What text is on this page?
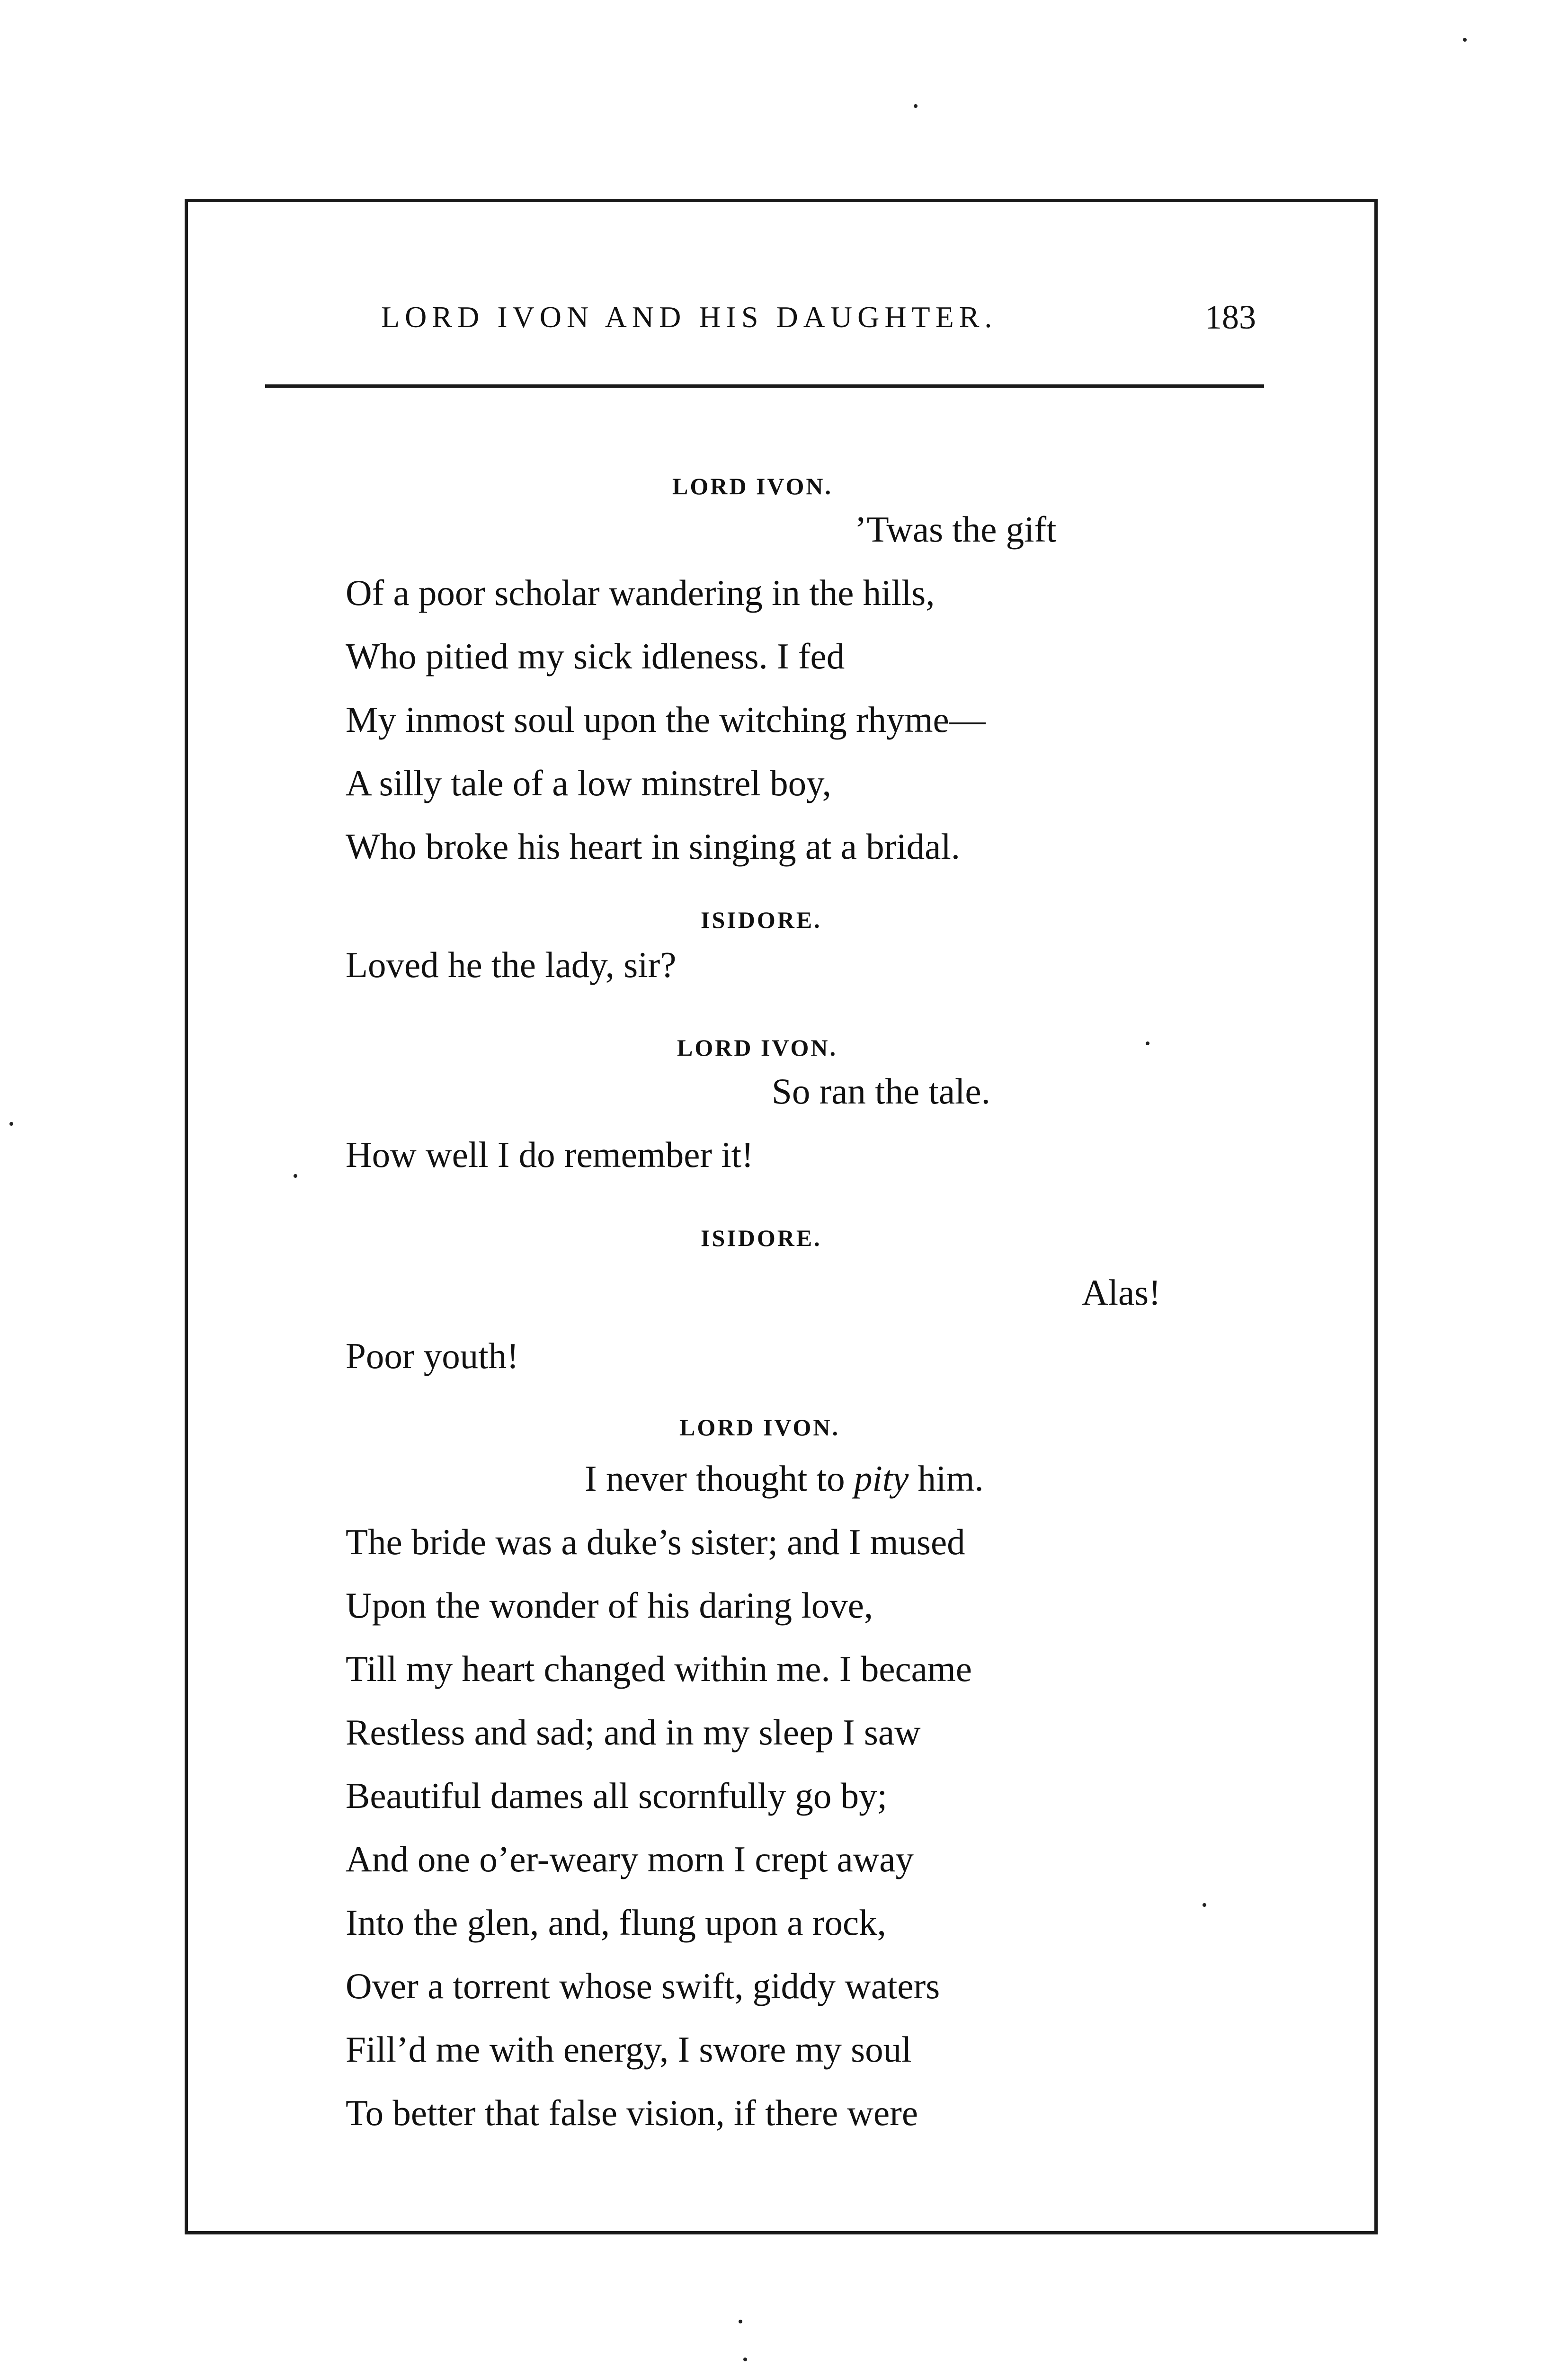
LORD IVON AND HIS DAUGHTER.	183
LORD IVON.
’Twas the gift
Of a poor scholar wandering in the hills,
Who pitied my sick idleness. I fed
My inmost soul upon the witching rhyme—
A silly tale of a low minstrel boy,
Who broke his heart in singing at a bridal.
ISIDORE.
Loved he the lady, sir?
LORD IVON.
So ran the tale.
How well I do remember it!
ISIDORE.
Alas!
Poor youth!
LORD IVON.
I never thought to pity him.
The bride was a duke’s sister; and I mused
Upon the wonder of his daring love,
Till my heart changed within me. I became
Restless and sad; and in my sleep I saw
Beautiful dames all scornfully go by;
And one o’er-weary morn I crept away
Into the glen, and, flung upon a rock,
Over a torrent whose swift, giddy waters
Fill’d me with energy, I swore my soul
To better that false vision, if there were
